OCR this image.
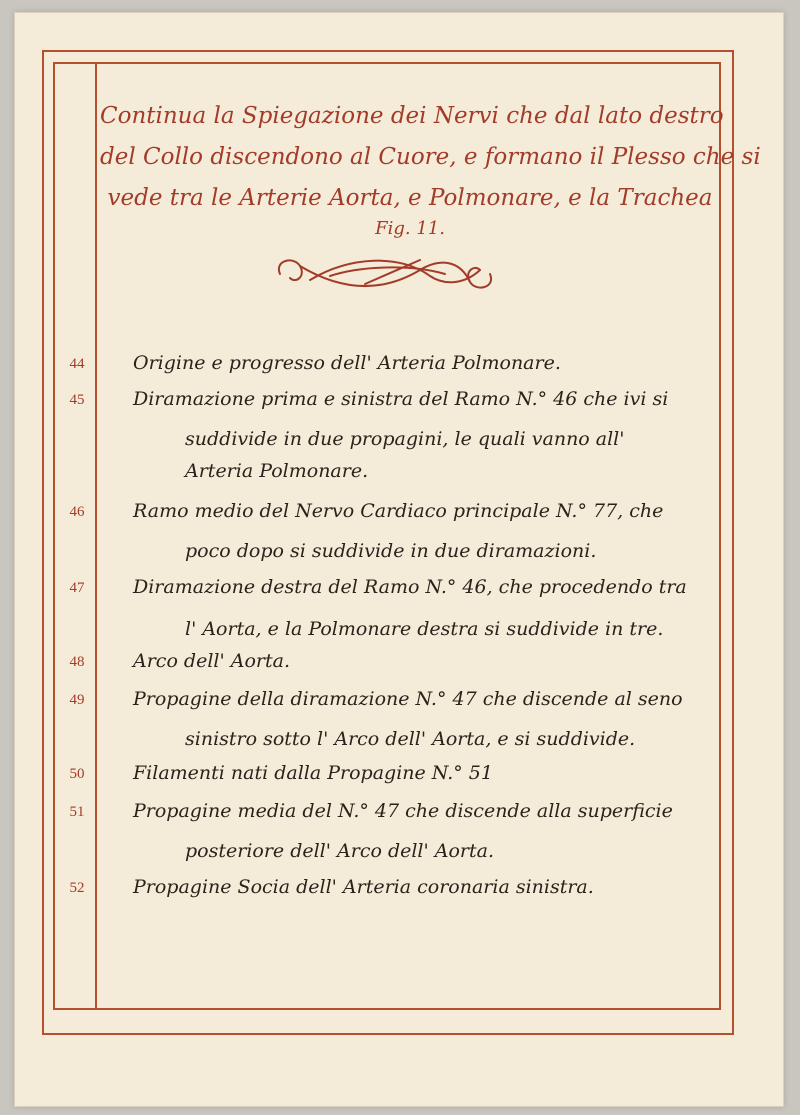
Continua la Spiegazione dei Nervi che dal lato destro
del Collo discendono al Cuore, e formano il Plesso che si
vede tra le Arterie Aorta, e Polmonare, e la Trachea
Fig. 11.
44	Origine e progresso dell' Arteria Polmonare.
45	Diramazione prima e sinistra del Ramo N.° 46 che ivi si
suddivide in due propagini, le quali vanno all'
Arteria Polmonare.
46	Ramo medio del Nervo Cardiaco principale N.° 77, che
poco dopo si suddivide in due diramazioni.
47	Diramazione destra del Ramo N.° 46, che procedendo tra
l' Aorta, e la Polmonare destra si suddivide in tre.
48	Arco dell' Aorta.
49	Propagine della diramazione N.° 47 che discende al seno
sinistro sotto l' Arco dell' Aorta, e si suddivide.
50	Filamenti nati dalla Propagine N.° 51
51	Propagine media del N.° 47 che discende alla superficie
posteriore dell' Arco dell' Aorta.
52	Propagine Socia dell' Arteria coronaria sinistra.
